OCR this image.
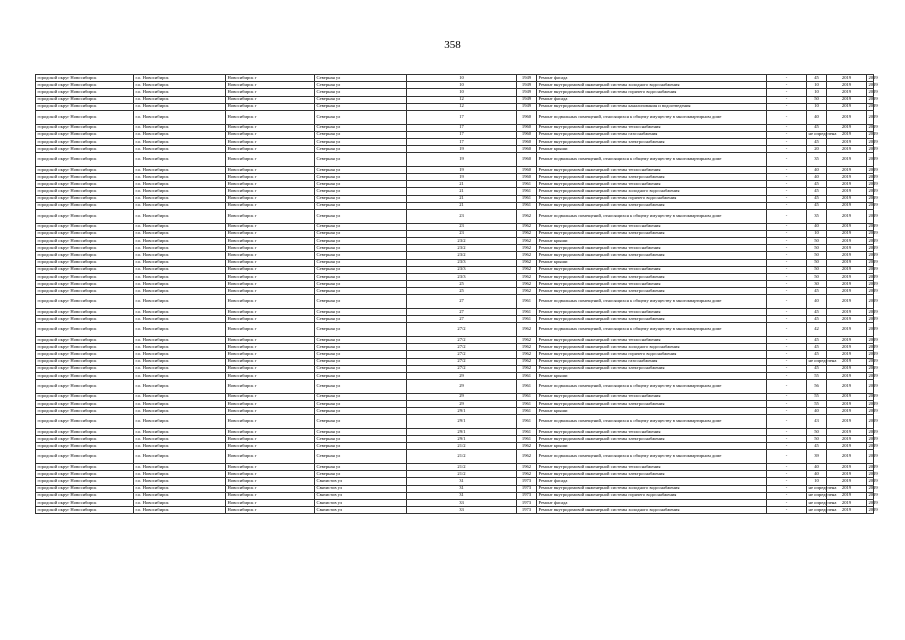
358
городской округ Новосибирск	г.о. Новосибирск	Новосибирск г	Северная ул	10	1949	Ремонт фасада	-	45	2019	2019
городской округ Новосибирск	г.о. Новосибирск	Новосибирск г	Северная ул	10	1949	Ремонт внутридомовой инженерной системы холодного водоснабжения	-	10	2019	2019
городской округ Новосибирск	г.о. Новосибирск	Новосибирск г	Северная ул	10	1949	Ремонт внутридомовой инженерной системы горячего водоснабжения	-	10	2019	2019
городской округ Новосибирск	г.о. Новосибирск	Новосибирск г	Северная ул	12	1949	Ремонт фасада	-	50	2019	2019
городской округ Новосибирск	г.о. Новосибирск	Новосибирск г	Северная ул	12	1949	Ремонт внутридомовой инженерной системы канализования и водоотведения	-	10	2019	2019
городской округ Новосибирск	г.о. Новосибирск	Новосибирск г	Северная ул	17	1960	Ремонт подвальных помещений, относящихся к общему имуществу в многоквартирном доме	-	40	2019	2019
городской округ Новосибирск	г.о. Новосибирск	Новосибирск г	Северная ул	17	1960	Ремонт внутридомовой инженерной системы теплоснабжения	-	45	2019	2019
городской округ Новосибирск	г.о. Новосибирск	Новосибирск г	Северная ул	17	1960	Ремонт внутридомовой инженерной системы газоснабжения	-	не определена	2019	2019
городской округ Новосибирск	г.о. Новосибирск	Новосибирск г	Северная ул	17	1960	Ремонт внутридомовой инженерной системы электроснабжения	-	45	2019	2019
городской округ Новосибирск	г.о. Новосибирск	Новосибирск г	Северная ул	19	1960	Ремонт крыши	-	20	2019	2019
городской округ Новосибирск	г.о. Новосибирск	Новосибирск г	Северная ул	19	1960	Ремонт подвальных помещений, относящихся к общему имуществу в многоквартирном доме	-	35	2019	2019
городской округ Новосибирск	г.о. Новосибирск	Новосибирск г	Северная ул	19	1960	Ремонт внутридомовой инженерной системы теплоснабжения	-	40	2019	2019
городской округ Новосибирск	г.о. Новосибирск	Новосибирск г	Северная ул	19	1960	Ремонт внутридомовой инженерной системы электроснабжения	-	40	2019	2019
городской округ Новосибирск	г.о. Новосибирск	Новосибирск г	Северная ул	21	1961	Ремонт внутридомовой инженерной системы теплоснабжения	-	45	2019	2019
городской округ Новосибирск	г.о. Новосибирск	Новосибирск г	Северная ул	21	1961	Ремонт внутридомовой инженерной системы холодного водоснабжения	-	45	2019	2019
городской округ Новосибирск	г.о. Новосибирск	Новосибирск г	Северная ул	21	1961	Ремонт внутридомовой инженерной системы горячего водоснабжения	-	45	2019	2019
городской округ Новосибирск	г.о. Новосибирск	Новосибирск г	Северная ул	21	1961	Ремонт внутридомовой инженерной системы электроснабжения	-	45	2019	2019
городской округ Новосибирск	г.о. Новосибирск	Новосибирск г	Северная ул	23	1962	Ремонт подвальных помещений, относящихся к общему имуществу в многоквартирном доме	-	35	2019	2019
городской округ Новосибирск	г.о. Новосибирск	Новосибирск г	Северная ул	23	1962	Ремонт внутридомовой инженерной системы теплоснабжения	-	40	2019	2019
городской округ Новосибирск	г.о. Новосибирск	Новосибирск г	Северная ул	23	1962	Ремонт внутридомовой инженерной системы электроснабжения	-	10	2019	2019
городской округ Новосибирск	г.о. Новосибирск	Новосибирск г	Северная ул	23/2	1962	Ремонт крыши	-	50	2019	2019
городской округ Новосибирск	г.о. Новосибирск	Новосибирск г	Северная ул	23/2	1962	Ремонт внутридомовой инженерной системы теплоснабжения	-	50	2019	2019
городской округ Новосибирск	г.о. Новосибирск	Новосибирск г	Северная ул	23/2	1962	Ремонт внутридомовой инженерной системы электроснабжения	-	50	2019	2019
городской округ Новосибирск	г.о. Новосибирск	Новосибирск г	Северная ул	23/3	1962	Ремонт крыши	-	50	2019	2019
городской округ Новосибирск	г.о. Новосибирск	Новосибирск г	Северная ул	23/3	1962	Ремонт внутридомовой инженерной системы теплоснабжения	-	50	2019	2019
городской округ Новосибирск	г.о. Новосибирск	Новосибирск г	Северная ул	23/3	1962	Ремонт внутридомовой инженерной системы электроснабжения	-	50	2019	2019
городской округ Новосибирск	г.о. Новосибирск	Новосибирск г	Северная ул	25	1962	Ремонт внутридомовой инженерной системы теплоснабжения	-	30	2019	2019
городской округ Новосибирск	г.о. Новосибирск	Новосибирск г	Северная ул	25	1962	Ремонт внутридомовой инженерной системы электроснабжения	-	45	2019	2019
городской округ Новосибирск	г.о. Новосибирск	Новосибирск г	Северная ул	27	1961	Ремонт подвальных помещений, относящихся к общему имуществу в многоквартирном доме	-	40	2019	2019
городской округ Новосибирск	г.о. Новосибирск	Новосибирск г	Северная ул	27	1961	Ремонт внутридомовой инженерной системы теплоснабжения	-	45	2019	2019
городской округ Новосибирск	г.о. Новосибирск	Новосибирск г	Северная ул	27	1961	Ремонт внутридомовой инженерной системы электроснабжения	-	45	2019	2019
городской округ Новосибирск	г.о. Новосибирск	Новосибирск г	Северная ул	27/2	1962	Ремонт подвальных помещений, относящихся к общему имуществу в многоквартирном доме	-	42	2019	2019
городской округ Новосибирск	г.о. Новосибирск	Новосибирск г	Северная ул	27/2	1962	Ремонт внутридомовой инженерной системы теплоснабжения	-	45	2019	2019
городской округ Новосибирск	г.о. Новосибирск	Новосибирск г	Северная ул	27/2	1962	Ремонт внутридомовой инженерной системы холодного водоснабжения	-	45	2019	2019
городской округ Новосибирск	г.о. Новосибирск	Новосибирск г	Северная ул	27/2	1962	Ремонт внутридомовой инженерной системы горячего водоснабжения	-	45	2019	2019
городской округ Новосибирск	г.о. Новосибирск	Новосибирск г	Северная ул	27/2	1962	Ремонт внутридомовой инженерной системы газоснабжения	-	не определена	2019	2019
городской округ Новосибирск	г.о. Новосибирск	Новосибирск г	Северная ул	27/2	1962	Ремонт внутридомовой инженерной системы электроснабжения	-	45	2019	2019
городской округ Новосибирск	г.о. Новосибирск	Новосибирск г	Северная ул	29	1961	Ремонт крыши	-	55	2019	2019
городской округ Новосибирск	г.о. Новосибирск	Новосибирск г	Северная ул	29	1961	Ремонт подвальных помещений, относящихся к общему имуществу в многоквартирном доме	-	56	2019	2019
городской округ Новосибирск	г.о. Новосибирск	Новосибирск г	Северная ул	29	1961	Ремонт внутридомовой инженерной системы теплоснабжения	-	55	2019	2019
городской округ Новосибирск	г.о. Новосибирск	Новосибирск г	Северная ул	29	1961	Ремонт внутридомовой инженерной системы электроснабжения	-	55	2019	2019
городской округ Новосибирск	г.о. Новосибирск	Новосибирск г	Северная ул	29/1	1961	Ремонт крыши	-	40	2019	2019
городской округ Новосибирск	г.о. Новосибирск	Новосибирск г	Северная ул	29/1	1961	Ремонт подвальных помещений, относящихся к общему имуществу в многоквартирном доме	-	43	2019	2019
городской округ Новосибирск	г.о. Новосибирск	Новосибирск г	Северная ул	29/1	1961	Ремонт внутридомовой инженерной системы теплоснабжения	-	50	2019	2019
городской округ Новосибирск	г.о. Новосибирск	Новосибирск г	Северная ул	29/1	1961	Ремонт внутридомовой инженерной системы электроснабжения	-	50	2019	2019
городской округ Новосибирск	г.о. Новосибирск	Новосибирск г	Северная ул	21/2	1962	Ремонт крыши	-	45	2019	2019
городской округ Новосибирск	г.о. Новосибирск	Новосибирск г	Северная ул	21/2	1962	Ремонт подвальных помещений, относящихся к общему имуществу в многоквартирном доме	-	39	2019	2019
городской округ Новосибирск	г.о. Новосибирск	Новосибирск г	Северная ул	21/2	1962	Ремонт внутридомовой инженерной системы теплоснабжения	-	40	2019	2019
городской округ Новосибирск	г.о. Новосибирск	Новосибирск г	Северная ул	21/2	1962	Ремонт внутридомовой инженерной системы электроснабжения	-	40	2019	2019
городской округ Новосибирск	г.о. Новосибирск	Новосибирск г	Связистов ул	31	1973	Ремонт фасада	-	10	2019	2019
городской округ Новосибирск	г.о. Новосибирск	Новосибирск г	Связистов ул	31	1973	Ремонт внутридомовой инженерной системы холодного водоснабжения	-	не определена	2019	2019
городской округ Новосибирск	г.о. Новосибирск	Новосибирск г	Связистов ул	31	1973	Ремонт внутридомовой инженерной системы горячего водоснабжения	-	не определена	2019	2019
городской округ Новосибирск	г.о. Новосибирск	Новосибирск г	Связистов ул	33	1973	Ремонт фасада	-	не определена	2019	2019
городской округ Новосибирск	г.о. Новосибирск	Новосибирск г	Связистов ул	33	1973	Ремонт внутридомовой инженерной системы холодного водоснабжения	-	не определена	2019	2019
